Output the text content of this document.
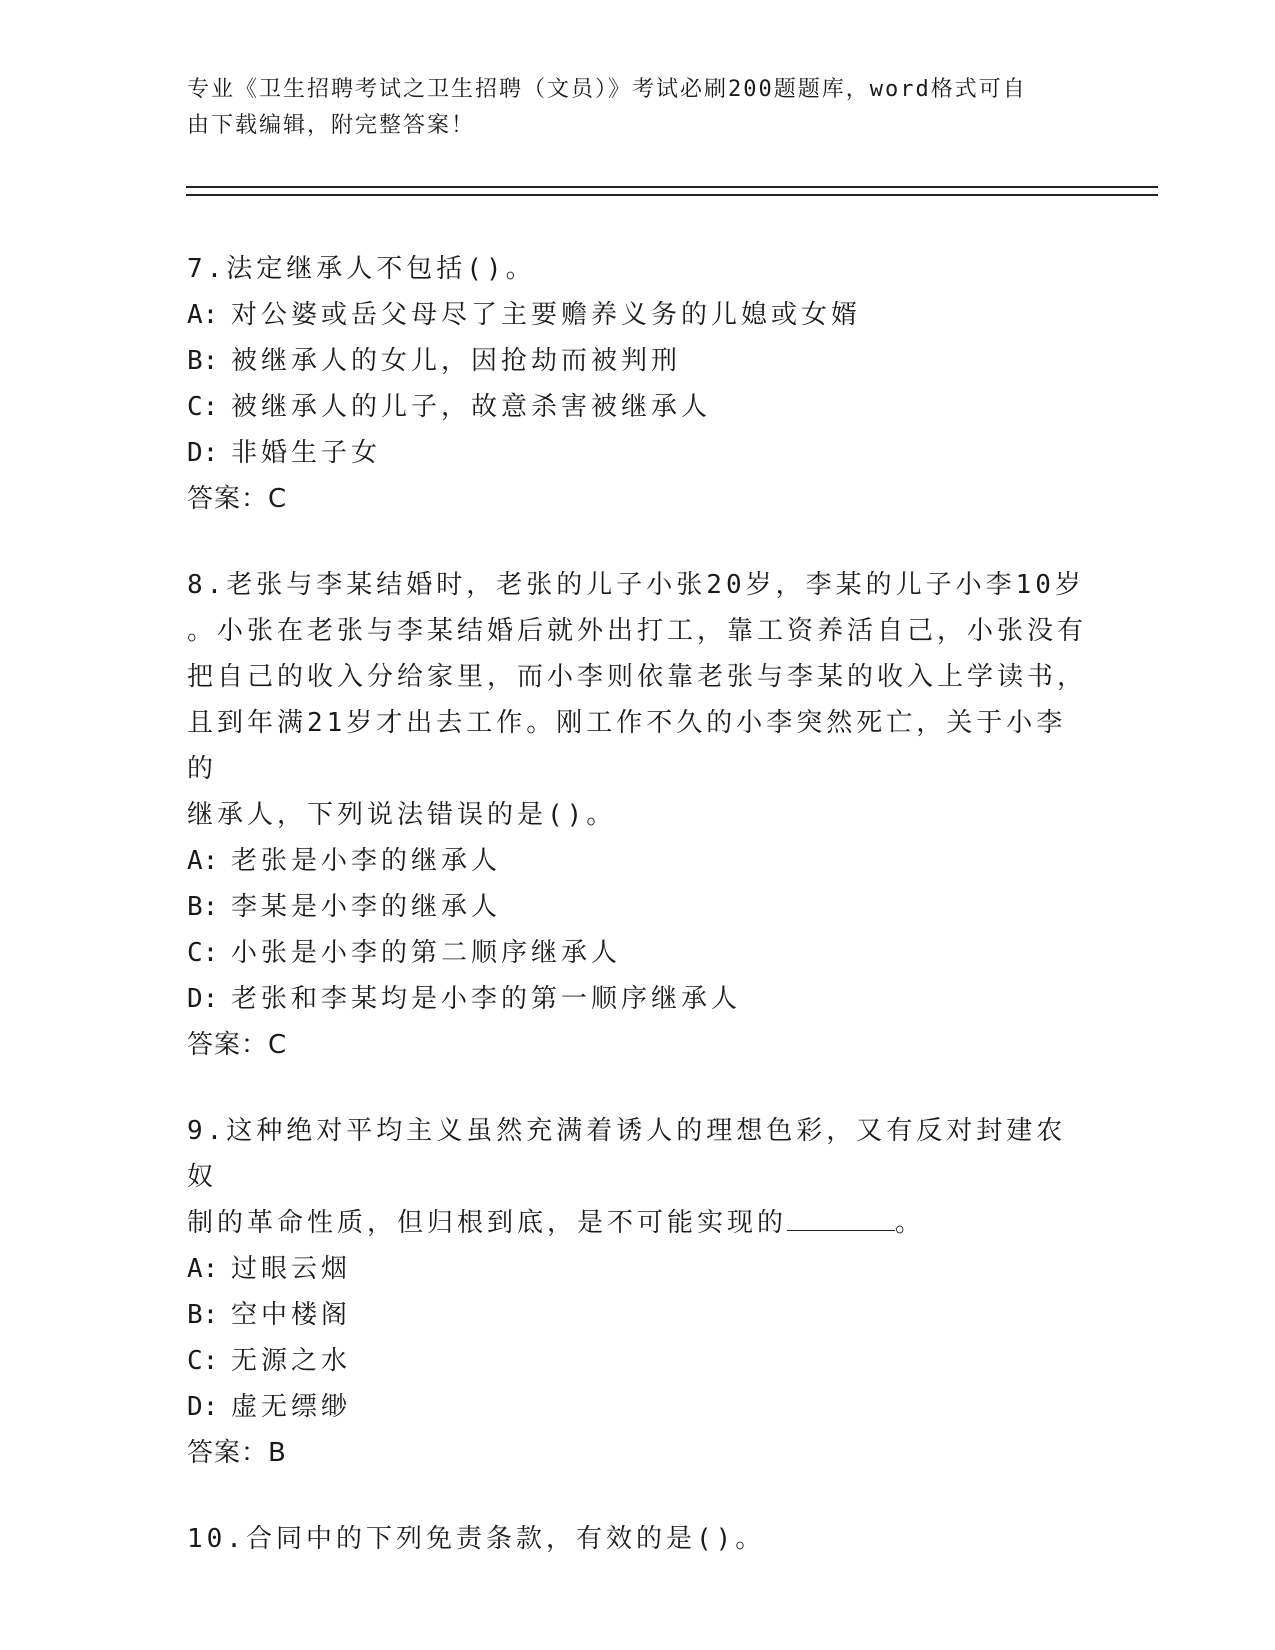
专业《卫生招聘考试之卫生招聘（文员）》考试必刷200题题库，word格式可自

由下载编辑，附完整答案！

7.法定继承人不包括()。

A: 对公婆或岳父母尽了主要赡养义务的儿媳或女婿
B: 被继承人的女儿，因抢劫而被判刑
C: 被继承人的儿子，故意杀害被继承人
D: 非婚生子女

答案：C

8.老张与李某结婚时，老张的儿子小张20岁，李某的儿子小李10岁

。小张在老张与李某结婚后就外出打工，靠工资养活自己，小张没有

把自己的收入分给家里，而小李则依靠老张与李某的收入上学读书，

且到年满21岁才出去工作。刚工作不久的小李突然死亡，关于小李的

继承人，下列说法错误的是()。

A: 老张是小李的继承人
B: 李某是小李的继承人
C: 小张是小李的第二顺序继承人
D: 老张和李某均是小李的第一顺序继承人

答案：C

9.这种绝对平均主义虽然充满着诱人的理想色彩，又有反对封建农奴

制的革命性质，但归根到底，是不可能实现的	。

A: 过眼云烟
B: 空中楼阁
C: 无源之水
D: 虚无缥缈

答案：B

10.合同中的下列免责条款，有效的是()。
